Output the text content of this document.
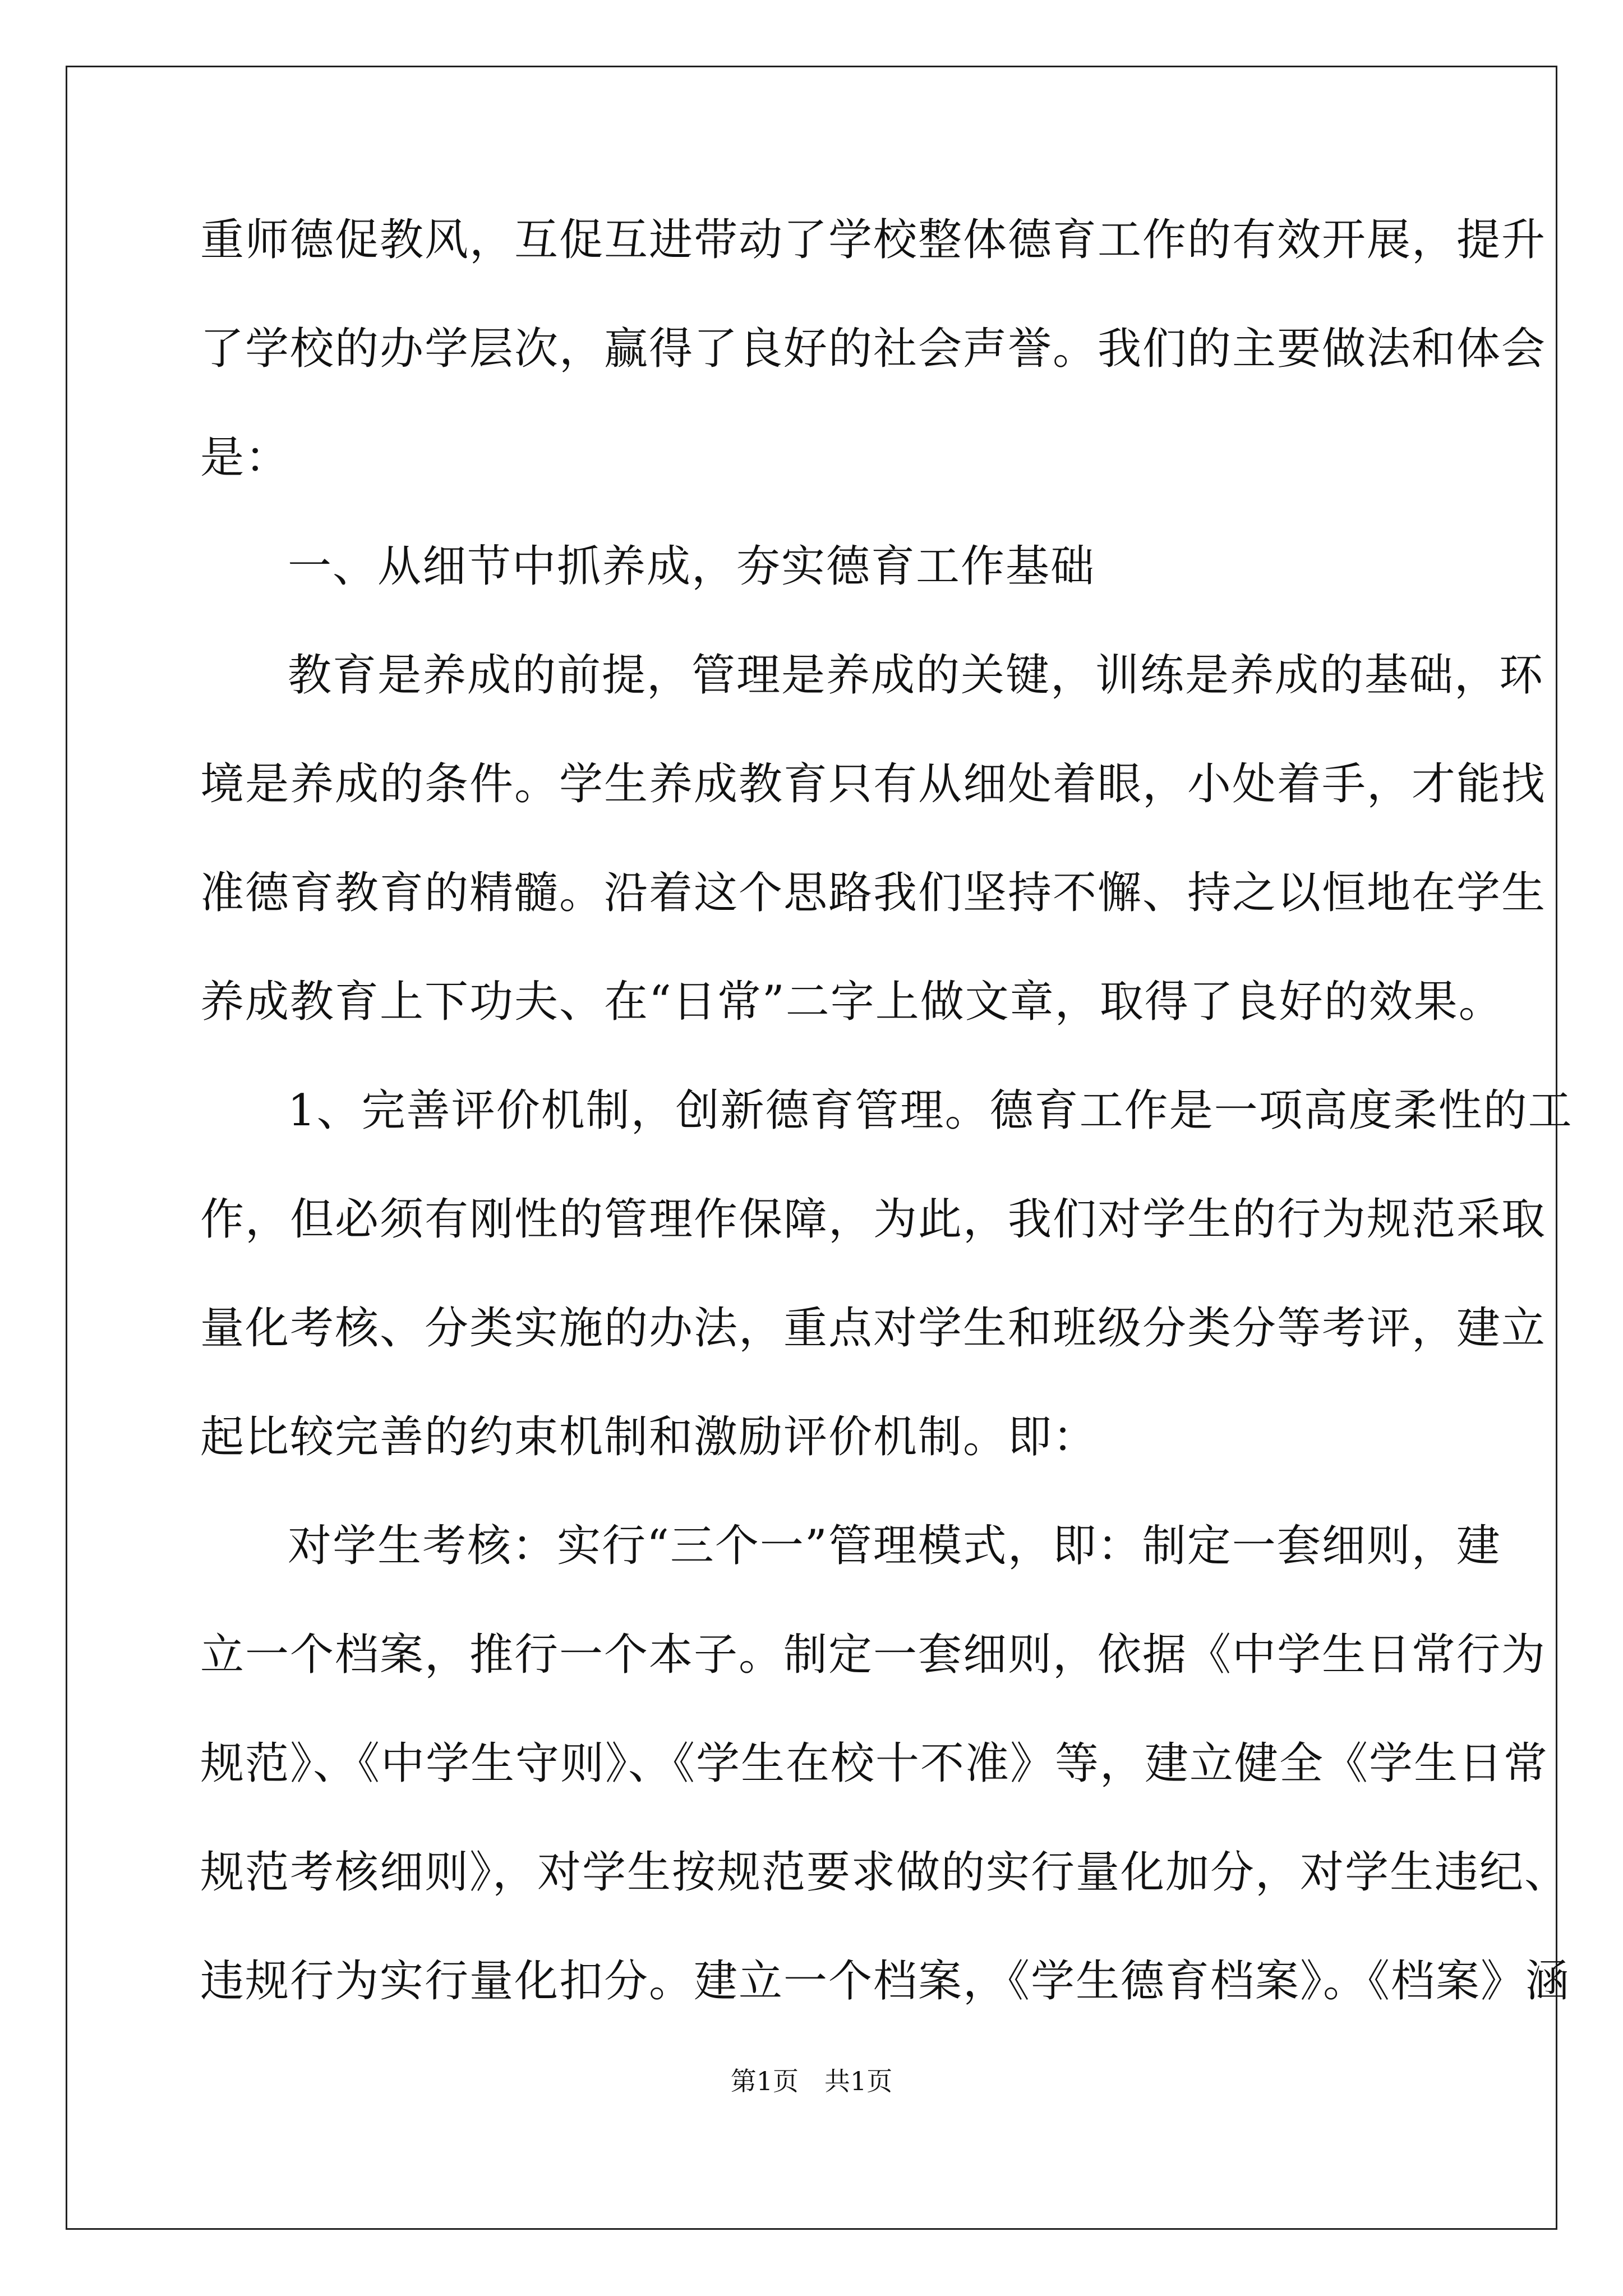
重师德促教风，互促互进带动了学校整体德育工作的有效开展，提升
了学校的办学层次，赢得了良好的社会声誉。我们的主要做法和体会
是：
一、从细节中抓养成，夯实德育工作基础
教育是养成的前提，管理是养成的关键，训练是养成的基础，环
境是养成的条件。学生养成教育只有从细处着眼，小处着手，才能找
准德育教育的精髓。沿着这个思路我们坚持不懈、持之以恒地在学生
养成教育上下功夫、在“日常”二字上做文章，取得了良好的效果。
1、完善评价机制，创新德育管理。德育工作是一项高度柔性的工
作，但必须有刚性的管理作保障，为此，我们对学生的行为规范采取
量化考核、分类实施的办法，重点对学生和班级分类分等考评，建立
起比较完善的约束机制和激励评价机制。即：
对学生考核：实行“三个一”管理模式，即：制定一套细则，建
立一个档案，推行一个本子。制定一套细则，依据《中学生日常行为
规范》、《中学生守则》、《学生在校十不准》等，建立健全《学生日常
规范考核细则》，对学生按规范要求做的实行量化加分，对学生违纪、
违规行为实行量化扣分。建立一个档案，《学生德育档案》。《档案》涵
第1页　共1页
